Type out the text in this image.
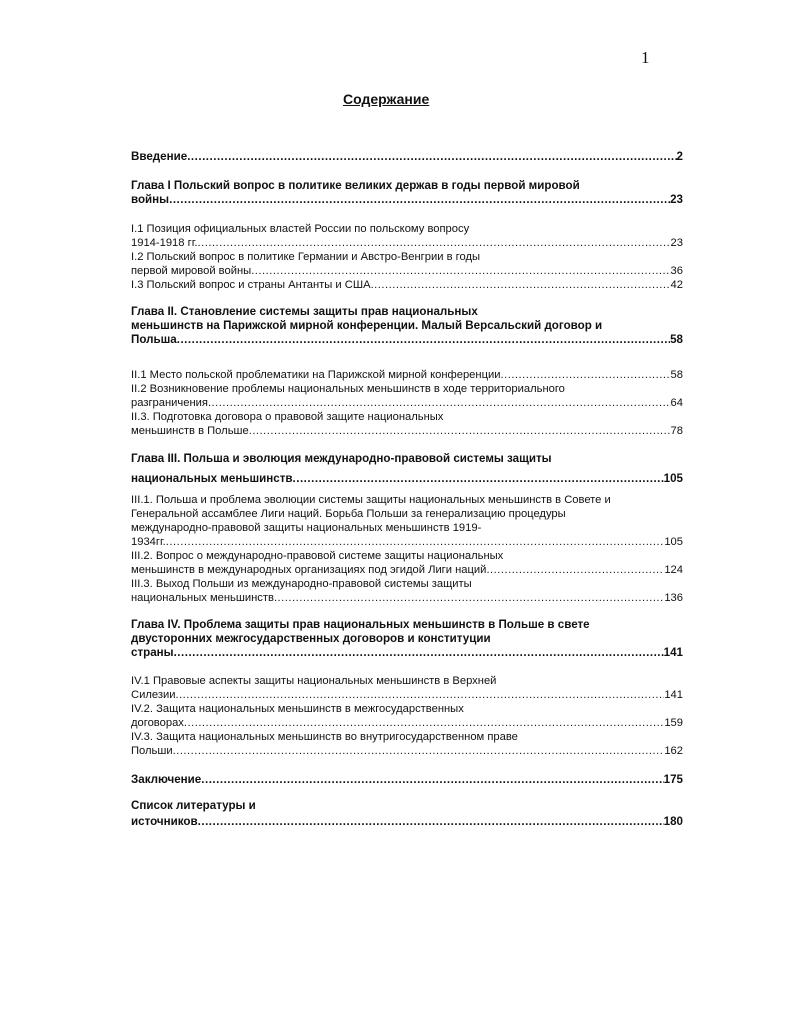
1
Содержание
Введение .....	2
Глава I Польский вопрос в политике великих держав в годы первой мировой
войны .....	23
I.1 Позиция официальных властей России по польскому вопросу
1914-1918 гг. .....	23
I.2 Польский вопрос в политике Германии и Австро-Венгрии в годы
первой мировой войны .....	36
I.3 Польский вопрос и страны Антанты и США .....	42
Глава II. Становление системы защиты прав национальных
меньшинств на Парижской мирной конференции. Малый Версальский договор и
Польша .....	58
II.1 Место польской проблематики на Парижской мирной конференции .....	58
II.2 Возникновение проблемы национальных меньшинств в ходе территориального
разграничения .....	64
II.3. Подготовка договора о правовой защите национальных
меньшинств в Польше .....	78
Глава III. Польша и эволюция международно-правовой системы защиты
национальных меньшинств .....	105
III.1. Польша и проблема эволюции системы защиты национальных меньшинств в Совете и
Генеральной ассамблее Лиги наций. Борьба Польши за генерализацию процедуры
международно-правовой защиты национальных меньшинств 1919-
1934гг. .....	105
III.2. Вопрос о международно-правовой системе защиты национальных
меньшинств в международных организациях под эгидой Лиги наций .....	124
III.3. Выход Польши из международно-правовой системы защиты
национальных меньшинств .....	136
Глава IV. Проблема защиты прав национальных меньшинств в Польше в свете
двусторонних межгосударственных договоров и конституции
страны .....	141
IV.1 Правовые аспекты защиты национальных меньшинств в Верхней
Силезии .....	141
IV.2. Защита национальных меньшинств в межгосударственных
договорах .....	159
IV.3. Защита национальных меньшинств во внутригосударственном праве
Польши .....	162
Заключение .....	175
Список литературы и
источников .....	180
